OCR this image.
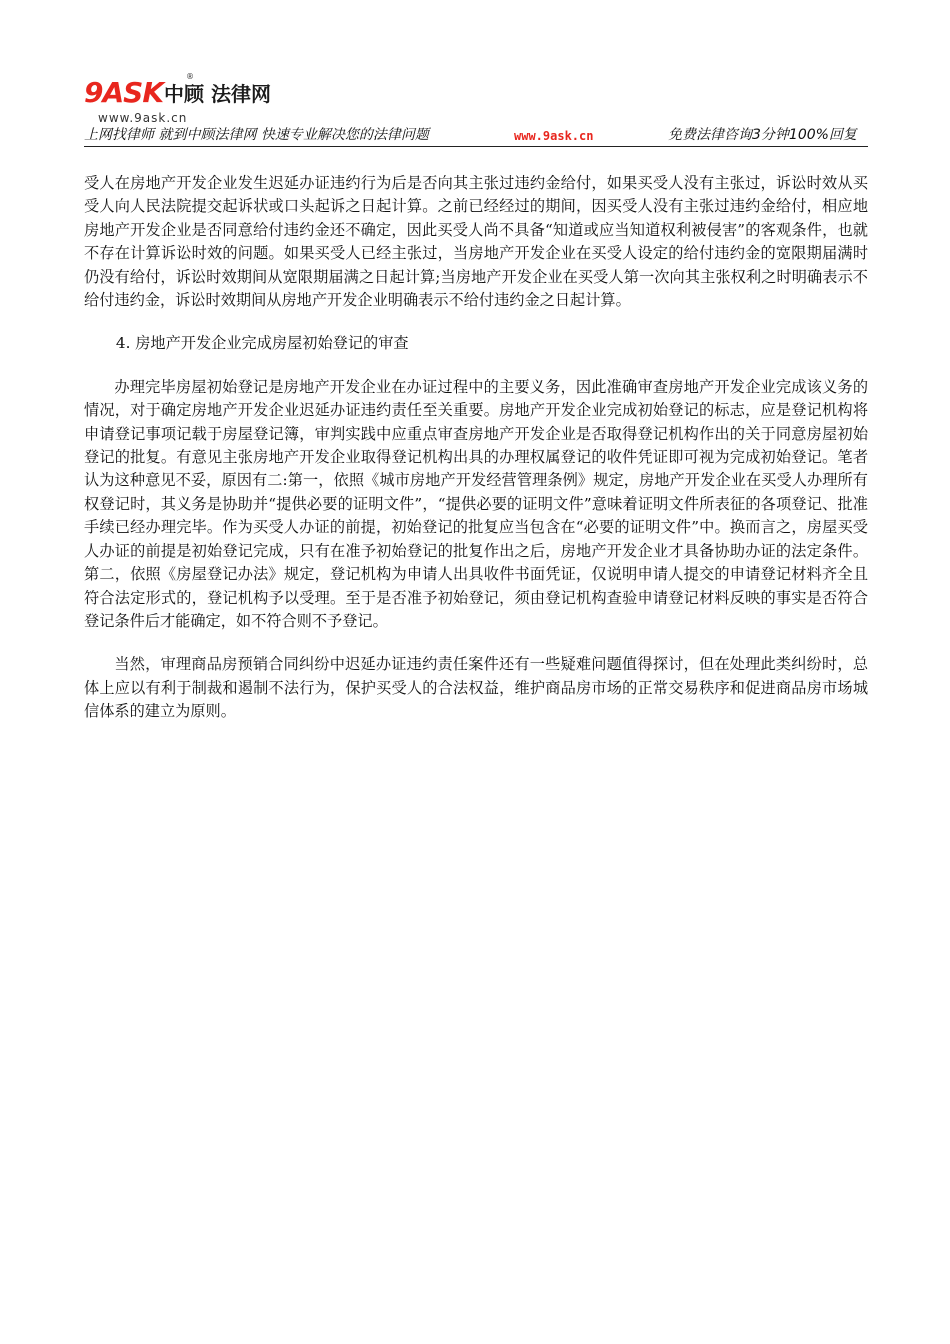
9ASK 中顾 法律网
®
www.9ask.cn
上网找律师 就到中顾法律网 快速专业解决您的法律问题	www.9ask.cn	免费法律咨询3分钟100%回复

受人在房地产开发企业发生迟延办证违约行为后是否向其主张过违约金给付，如果买受人没有主张过，诉讼时效从买受人向人民法院提交起诉状或口头起诉之日起计算。之前已经经过的期间，因买受人没有主张过违约金给付，相应地房地产开发企业是否同意给付违约金还不确定，因此买受人尚不具备“知道或应当知道权利被侵害”的客观条件，也就不存在计算诉讼时效的问题。如果买受人已经主张过，当房地产开发企业在买受人设定的给付违约金的宽限期届满时仍没有给付，诉讼时效期间从宽限期届满之日起计算;当房地产开发企业在买受人第一次向其主张权利之时明确表示不给付违约金，诉讼时效期间从房地产开发企业明确表示不给付违约金之日起计算。

4. 房地产开发企业完成房屋初始登记的审查

办理完毕房屋初始登记是房地产开发企业在办证过程中的主要义务，因此准确审查房地产开发企业完成该义务的情况，对于确定房地产开发企业迟延办证违约责任至关重要。房地产开发企业完成初始登记的标志，应是登记机构将申请登记事项记载于房屋登记簿，审判实践中应重点审查房地产开发企业是否取得登记机构作出的关于同意房屋初始登记的批复。有意见主张房地产开发企业取得登记机构出具的办理权属登记的收件凭证即可视为完成初始登记。笔者认为这种意见不妥，原因有二:第一，依照《城市房地产开发经营管理条例》规定，房地产开发企业在买受人办理所有权登记时，其义务是协助并“提供必要的证明文件”，“提供必要的证明文件”意味着证明文件所表征的各项登记、批准手续已经办理完毕。作为买受人办证的前提，初始登记的批复应当包含在“必要的证明文件”中。换而言之，房屋买受人办证的前提是初始登记完成，只有在准予初始登记的批复作出之后，房地产开发企业才具备协助办证的法定条件。第二，依照《房屋登记办法》规定，登记机构为申请人出具收件书面凭证，仅说明申请人提交的申请登记材料齐全且符合法定形式的，登记机构予以受理。至于是否准予初始登记，须由登记机构查验申请登记材料反映的事实是否符合登记条件后才能确定，如不符合则不予登记。

当然，审理商品房预销合同纠纷中迟延办证违约责任案件还有一些疑难问题值得探讨，但在处理此类纠纷时，总体上应以有利于制裁和遏制不法行为，保护买受人的合法权益，维护商品房市场的正常交易秩序和促进商品房市场城信体系的建立为原则。
